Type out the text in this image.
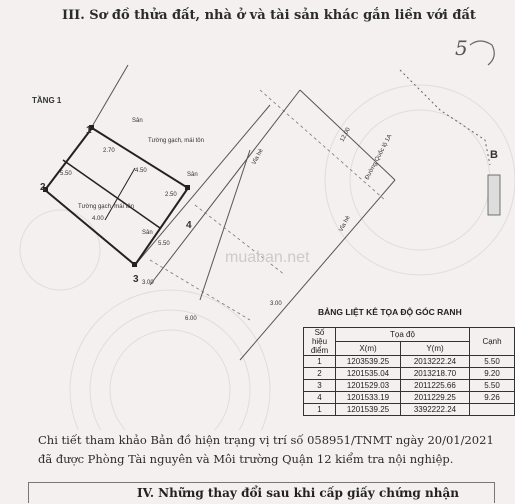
III. Sơ đồ thửa đất, nhà ở và tài sản khác gắn liền với đất
5
TẦNG 1
1
2
3
4
Tường gạch, mái tôn
Tường gạch, mái tôn
Sân
Sân
Sân
5.50	4.50
2.70
2.50
4.00
3.00
6.00
3.00
5.50
Đường Quốc lộ 1A
12.00
Vỉa hè
Vỉa hè
B
muaban.net
BẢNG LIỆT KÊ TỌA ĐỘ GÓC RANH
Số hiệu điểm	Tọa độ		Cạnh
	X(m)	Y(m)	
1	1203539.25	2013222.24	5.50
2	1201535.04	2013218.70	9.20
3	1201529.03	2011225.66	5.50
4	1201533.19	2011229.25	9.26
1	1201539.25	3392222.24	
Chi tiết tham khảo Bản đồ hiện trạng vị trí số 058951/TNMT ngày 20/01/2021 đã được Phòng Tài nguyên và Môi trường Quận 12 kiểm tra nội nghiệp.
IV. Những thay đổi sau khi cấp giấy chứng nhận
